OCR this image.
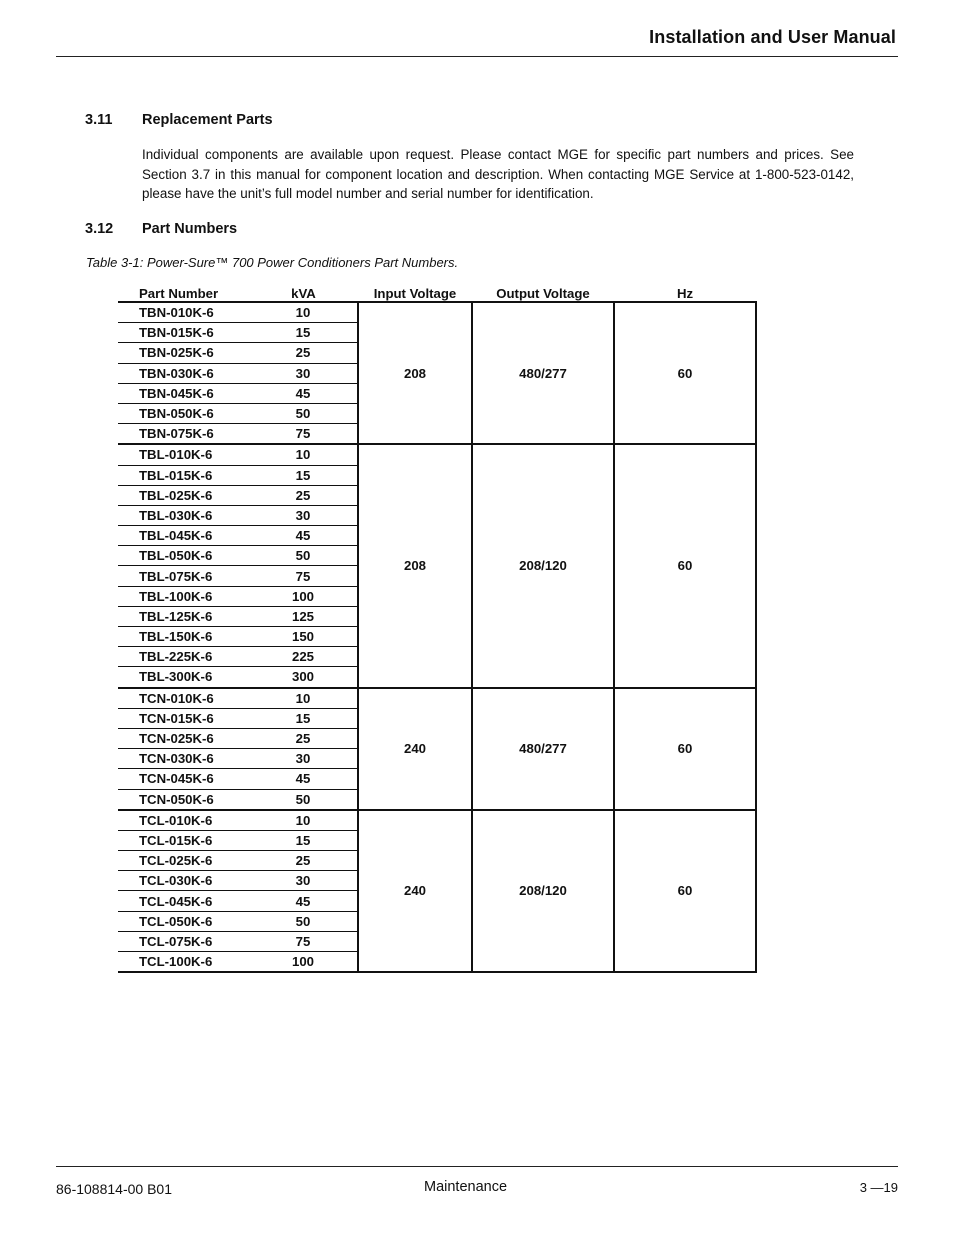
Installation and User Manual
3.11 Replacement Parts
Individual components are available upon request. Please contact MGE for specific part numbers and prices. See Section 3.7 in this manual for component location and description. When contacting MGE Service at 1-800-523-0142, please have the unit’s full model number and serial number for identification.
3.12 Part Numbers
Table 3-1: Power-Sure™ 700 Power Conditioners Part Numbers.
Part Number	kVA	Input Voltage	Output Voltage	Hz
TBN-010K-6	10	208	480/277	60
TBN-015K-6	15			
TBN-025K-6	25			
TBN-030K-6	30			
TBN-045K-6	45			
TBN-050K-6	50			
TBN-075K-6	75			
TBL-010K-6	10	208	208/120	60
TBL-015K-6	15			
TBL-025K-6	25			
TBL-030K-6	30			
TBL-045K-6	45			
TBL-050K-6	50			
TBL-075K-6	75			
TBL-100K-6	100			
TBL-125K-6	125			
TBL-150K-6	150			
TBL-225K-6	225			
TBL-300K-6	300			
TCN-010K-6	10	240	480/277	60
TCN-015K-6	15			
TCN-025K-6	25			
TCN-030K-6	30			
TCN-045K-6	45			
TCN-050K-6	50			
TCL-010K-6	10	240	208/120	60
TCL-015K-6	15			
TCL-025K-6	25			
TCL-030K-6	30			
TCL-045K-6	45			
TCL-050K-6	50			
TCL-075K-6	75			
TCL-100K-6	100			
86-108814-00 B01	Maintenance	3 —19
